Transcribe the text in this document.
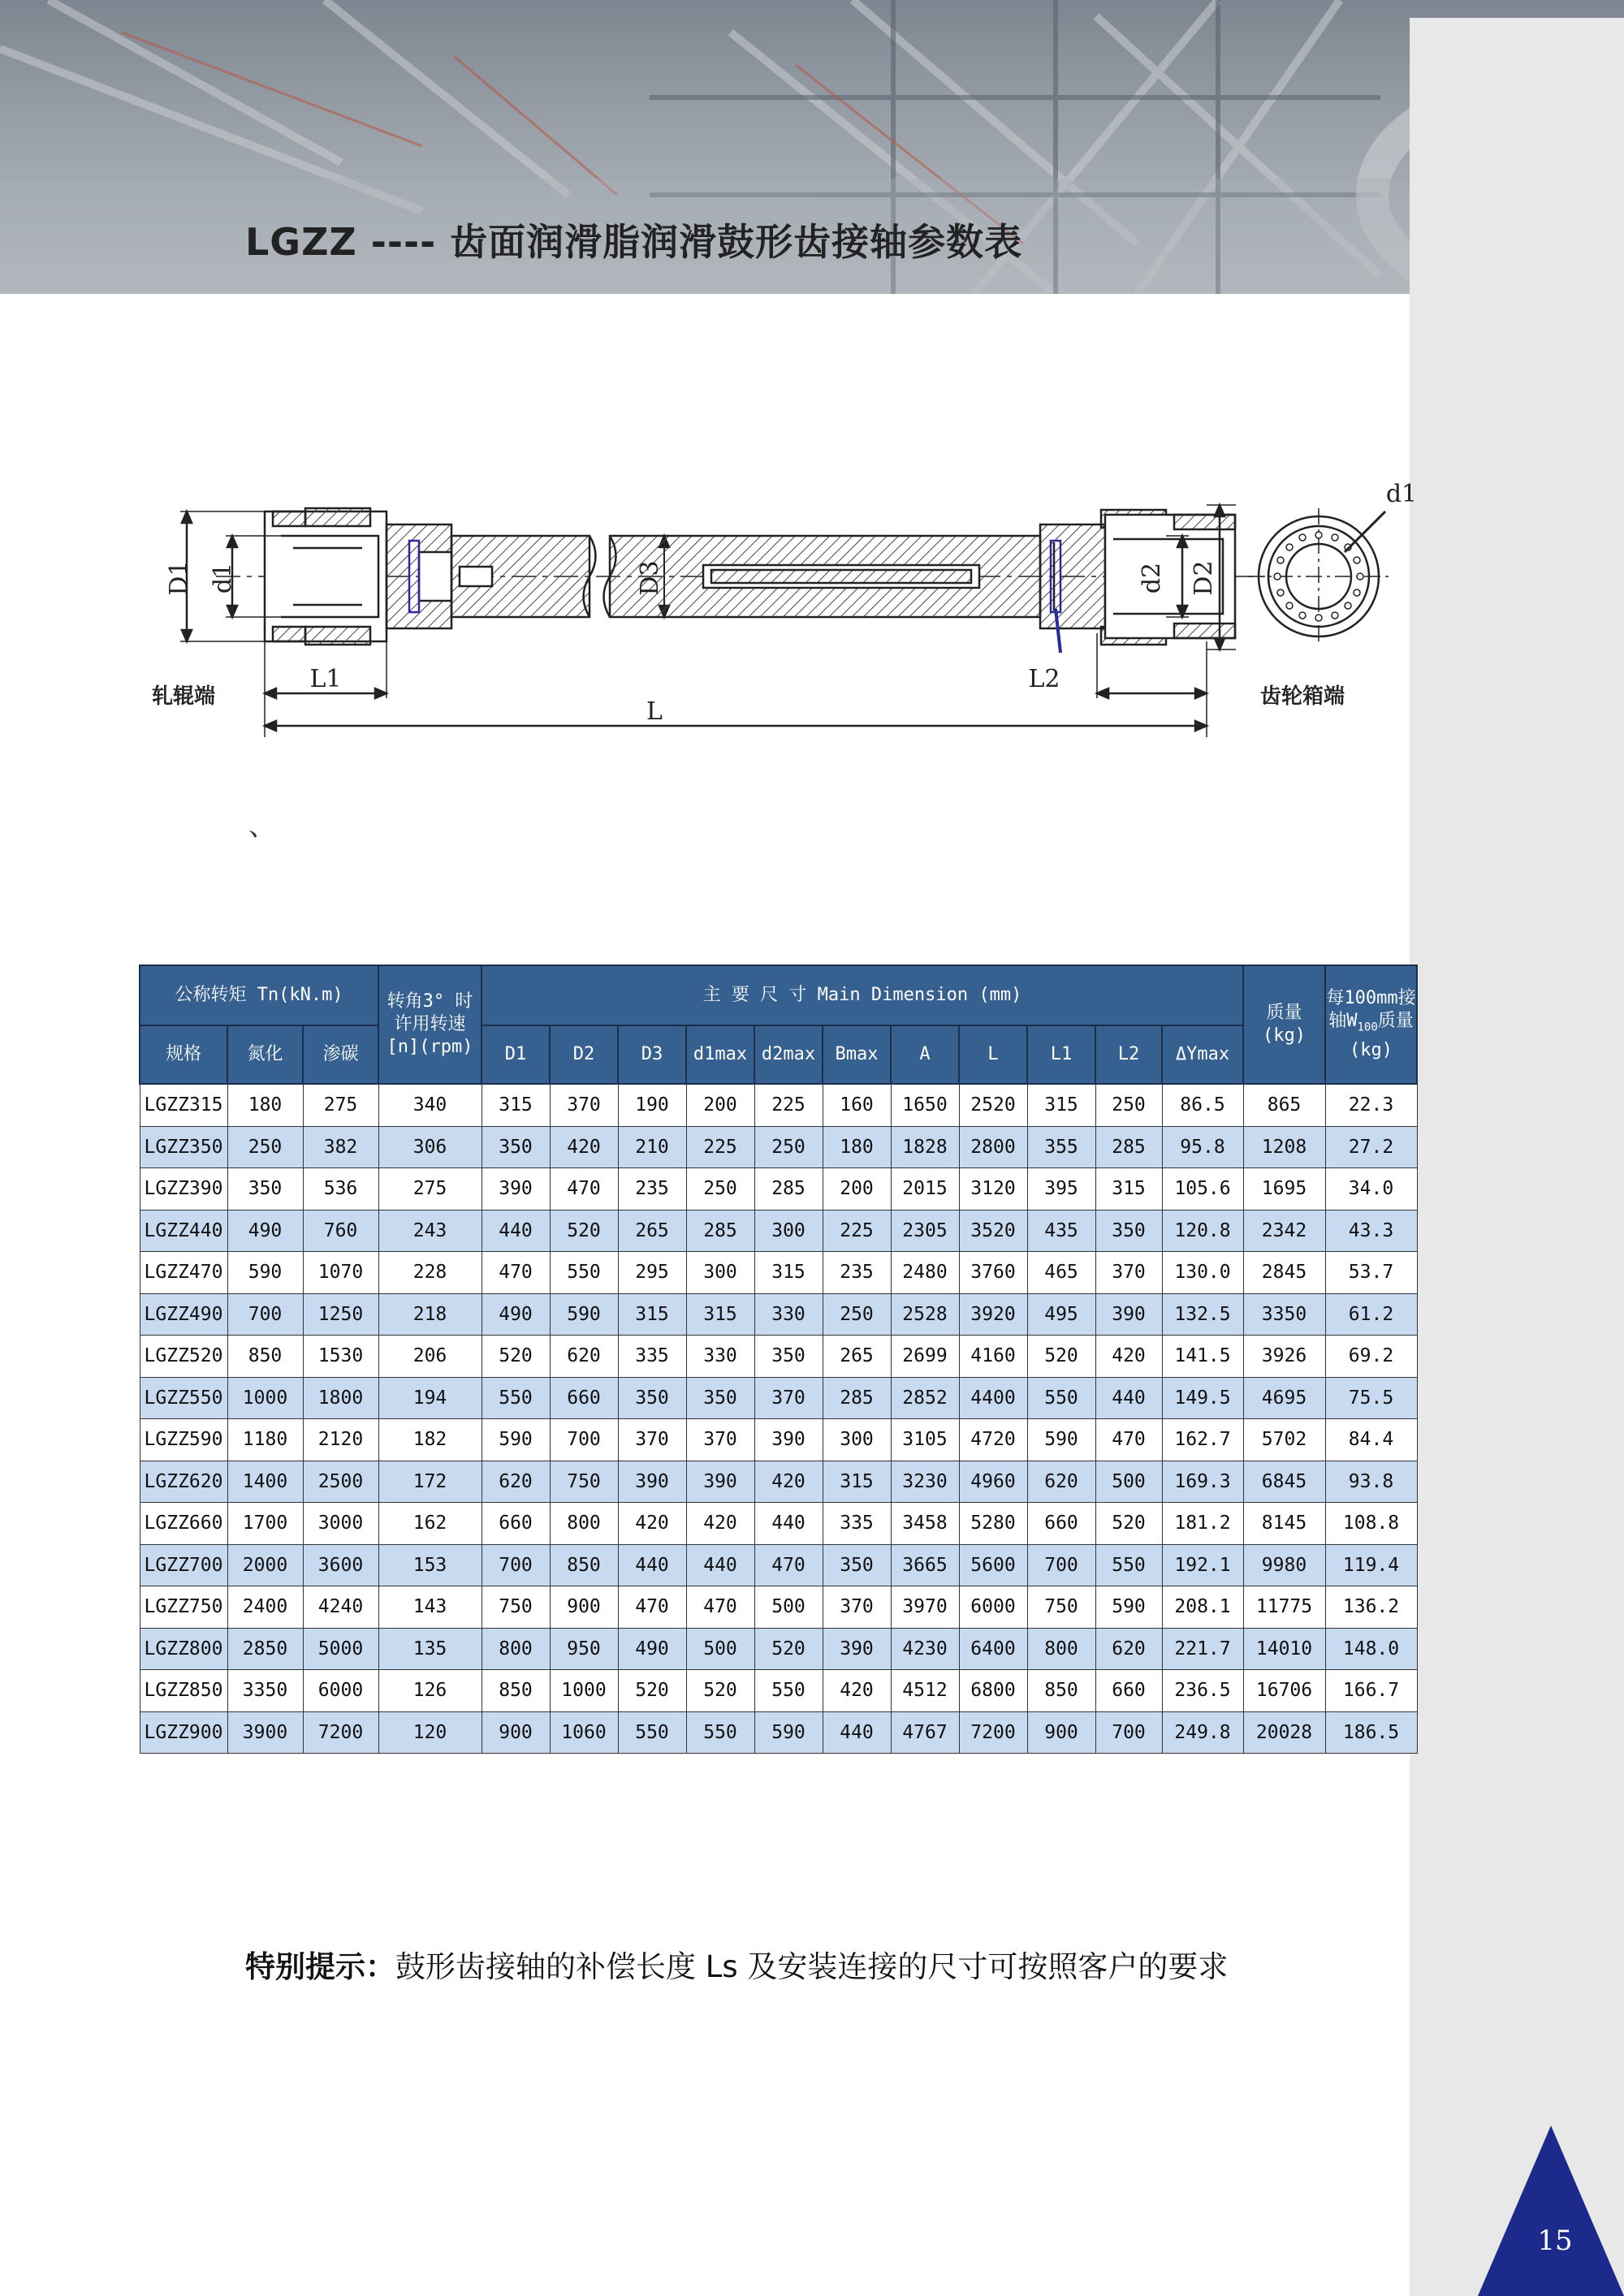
LGZZ ---- 齿面润滑脂润滑鼓形齿接轴参数表
15
D1 d1	D3	d2 D2
L1
L
L2
d1
轧辊端	齿轮箱端
、
公称转矩 Tn(kN.m)			转角3° 时
许用转速
[n](rpm)	主 要 尺 寸 Main Dimension (mm)											质量
(kg)	每100mm接
轴$W_{100}$质量
(kg)
规格	氮化	渗碳		D1	D2	D3	d1max	d2max	Bmax	A	L	L1	L2	ΔYmax		
LGZZ315	180	275	340	315	370	190	200	225	160	1650	2520	315	250	86.5	865	22.3
LGZZ350	250	382	306	350	420	210	225	250	180	1828	2800	355	285	95.8	1208	27.2
LGZZ390	350	536	275	390	470	235	250	285	200	2015	3120	395	315	105.6	1695	34.0
LGZZ440	490	760	243	440	520	265	285	300	225	2305	3520	435	350	120.8	2342	43.3
LGZZ470	590	1070	228	470	550	295	300	315	235	2480	3760	465	370	130.0	2845	53.7
LGZZ490	700	1250	218	490	590	315	315	330	250	2528	3920	495	390	132.5	3350	61.2
LGZZ520	850	1530	206	520	620	335	330	350	265	2699	4160	520	420	141.5	3926	69.2
LGZZ550	1000	1800	194	550	660	350	350	370	285	2852	4400	550	440	149.5	4695	75.5
LGZZ590	1180	2120	182	590	700	370	370	390	300	3105	4720	590	470	162.7	5702	84.4
LGZZ620	1400	2500	172	620	750	390	390	420	315	3230	4960	620	500	169.3	6845	93.8
LGZZ660	1700	3000	162	660	800	420	420	440	335	3458	5280	660	520	181.2	8145	108.8
LGZZ700	2000	3600	153	700	850	440	440	470	350	3665	5600	700	550	192.1	9980	119.4
LGZZ750	2400	4240	143	750	900	470	470	500	370	3970	6000	750	590	208.1	11775	136.2
LGZZ800	2850	5000	135	800	950	490	500	520	390	4230	6400	800	620	221.7	14010	148.0
LGZZ850	3350	6000	126	850	1000	520	520	550	420	4512	6800	850	660	236.5	16706	166.7
LGZZ900	3900	7200	120	900	1060	550	550	590	440	4767	7200	900	700	249.8	20028	186.5
特别提示：鼓形齿接轴的补偿长度 Ls 及安装连接的尺寸可按照客户的要求
